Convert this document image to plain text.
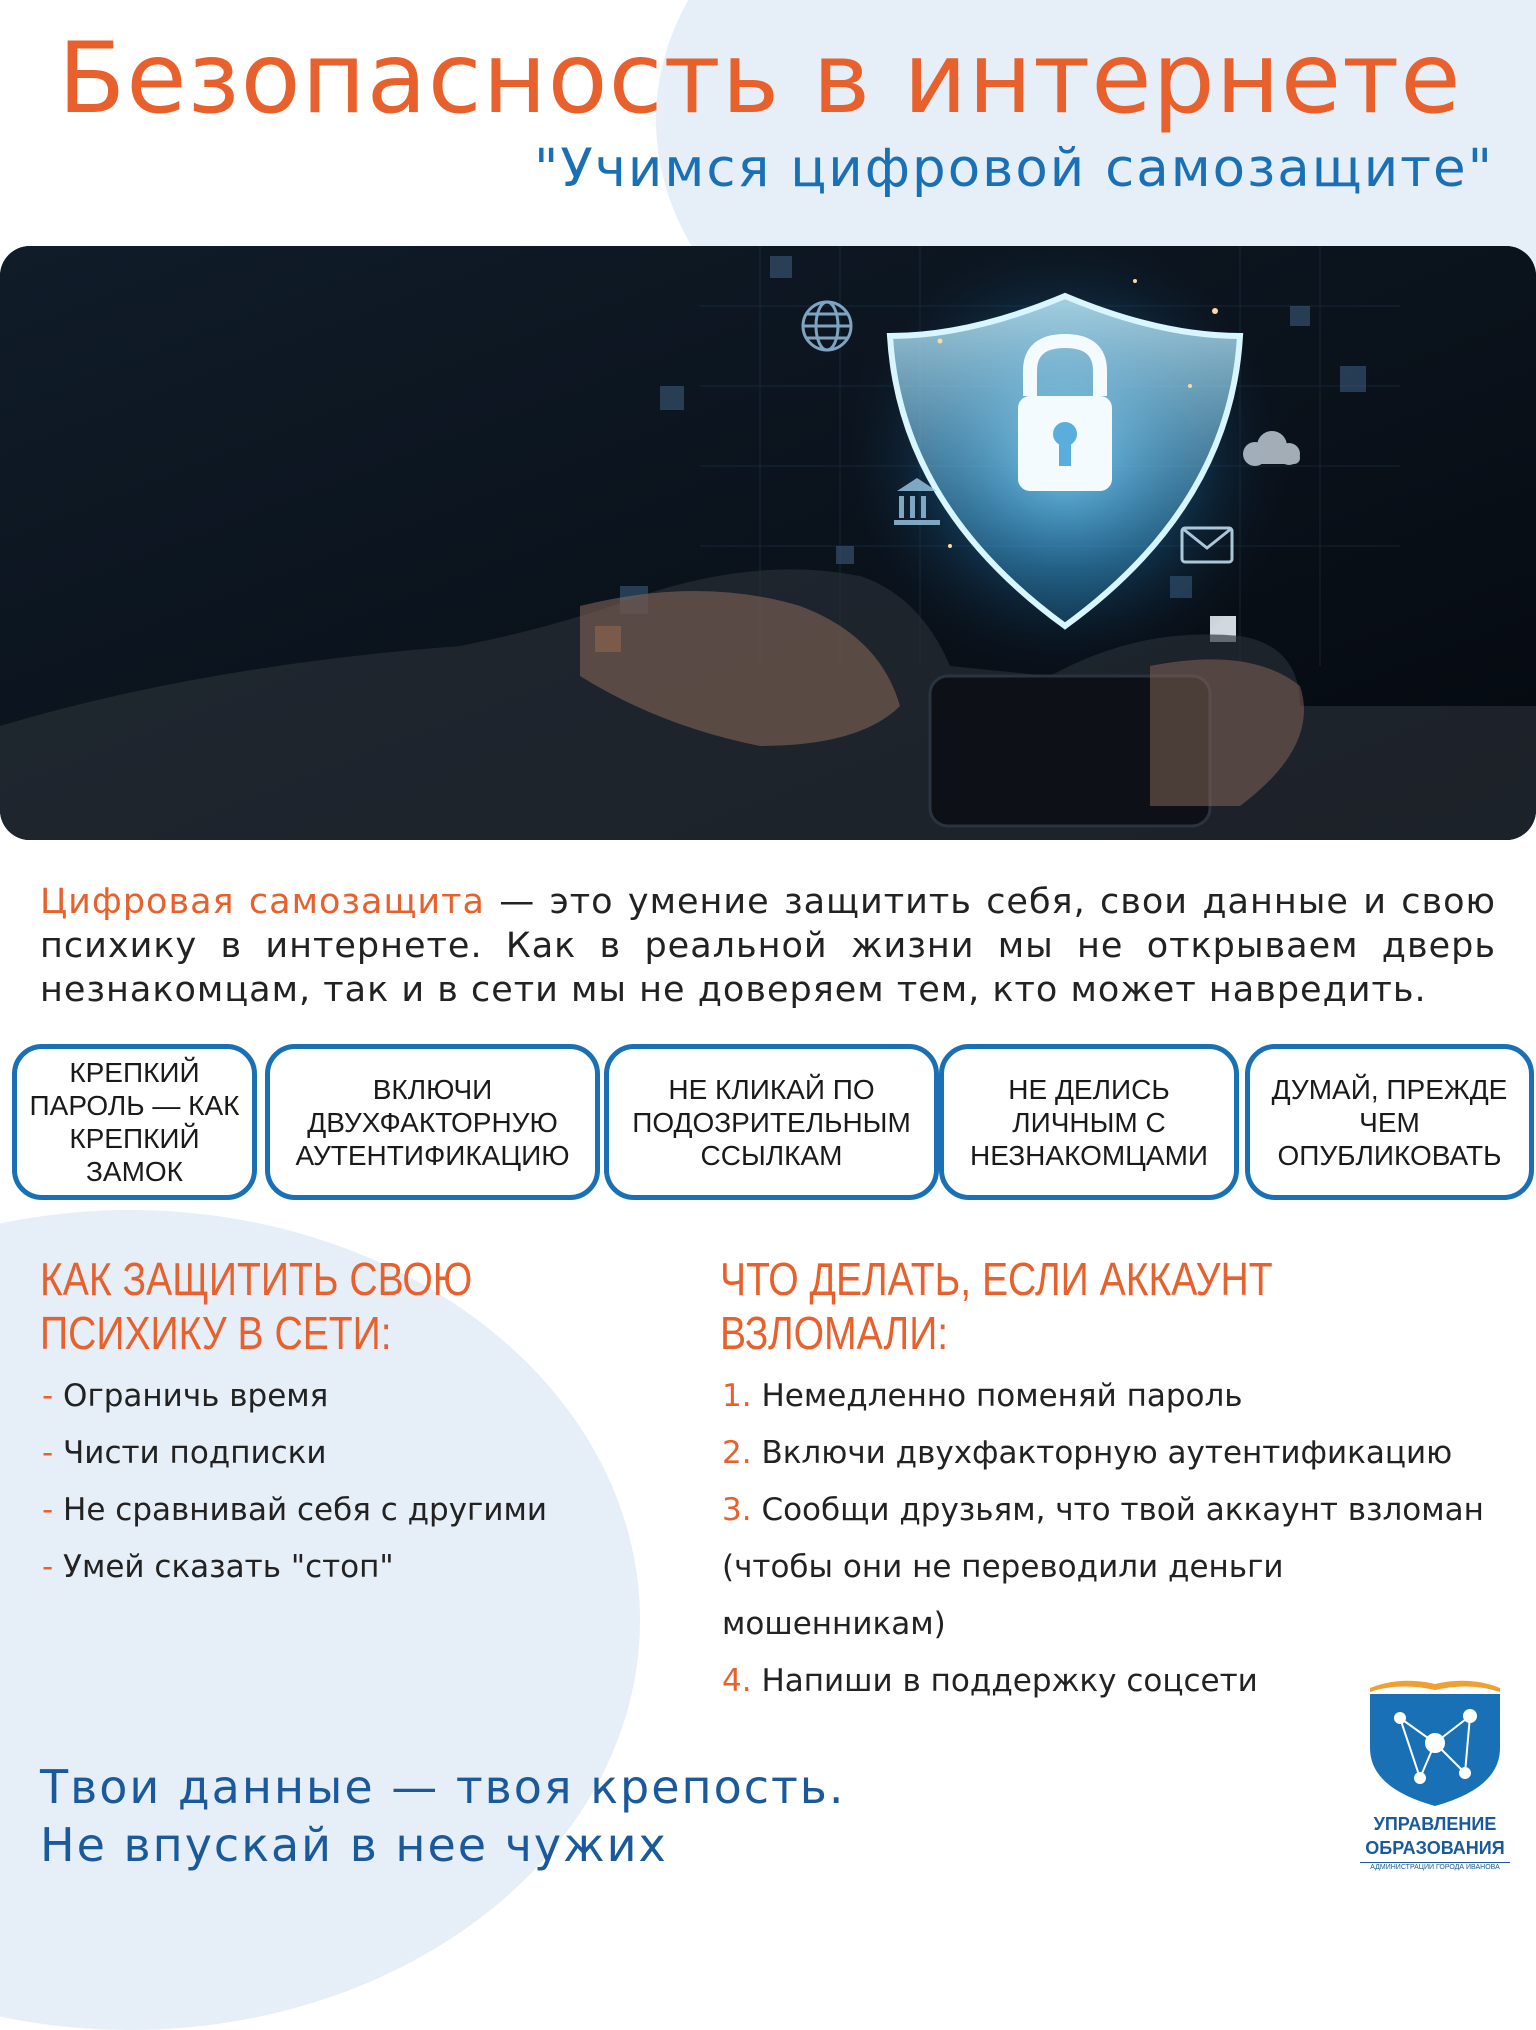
Безопасность в интернете
"Учимся цифровой самозащите"
Цифровая самозащита — это умение защитить себя, свои данные и свою психику в интернете. Как в реальной жизни мы не открываем дверь незнакомцам, так и в сети мы не доверяем тем, кто может навредить.
КРЕПКИЙ ПАРОЛЬ — КАК КРЕПКИЙ ЗАМОК
ВКЛЮЧИ ДВУХФАКТОРНУЮ АУТЕНТИФИКАЦИЮ
НЕ КЛИКАЙ ПО ПОДОЗРИТЕЛЬНЫМ ССЫЛКАМ
НЕ ДЕЛИСЬ ЛИЧНЫМ С НЕЗНАКОМЦАМИ
ДУМАЙ, ПРЕЖДЕ ЧЕМ ОПУБЛИКОВАТЬ
КАК ЗАЩИТИТЬ СВОЮ ПСИХИКУ В СЕТИ:
- Ограничь время
- Чисти подписки
- Не сравнивай себя с другими
- Умей сказать "стоп"
ЧТО ДЕЛАТЬ, ЕСЛИ АККАУНТ ВЗЛОМАЛИ:
1. Немедленно поменяй пароль
2. Включи двухфакторную аутентификацию
3. Сообщи друзьям, что твой аккаунт взломан
(чтобы они не переводили деньги
мошенникам)
4. Напиши в поддержку соцсети
Твои данные — твоя крепость.
Не впускай в нее чужих	УПРАВЛЕНИЕ
ОБРАЗОВАНИЯ
АДМИНИСТРАЦИИ ГОРОДА ИВАНОВА
